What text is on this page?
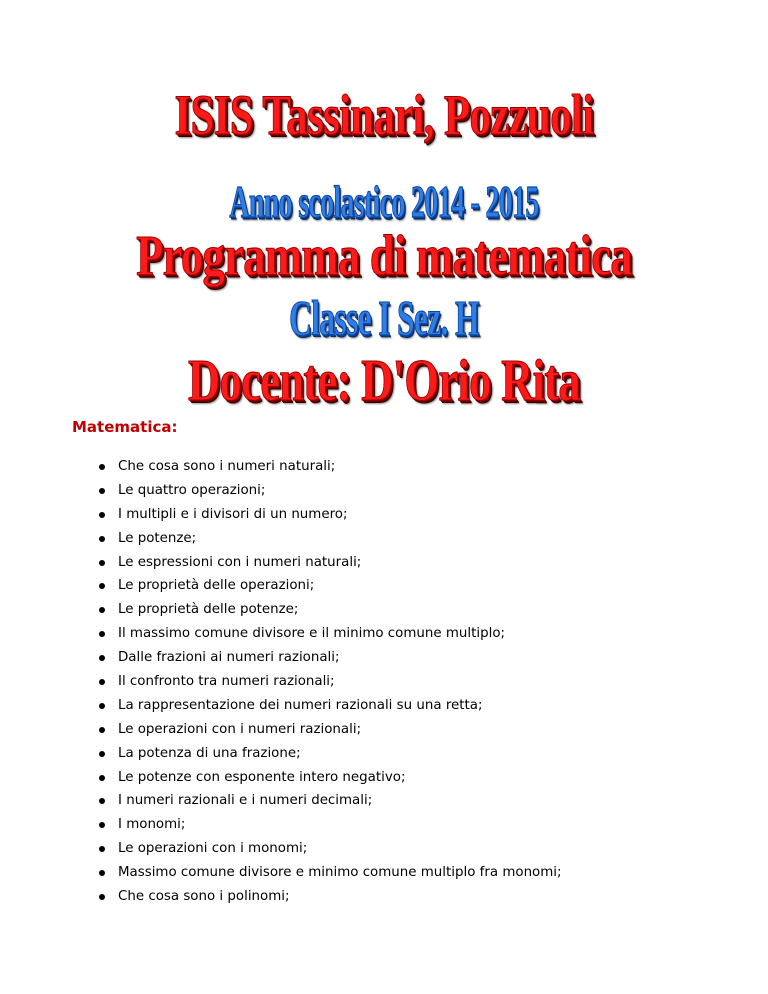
ISIS Tassinari, Pozzuoli
Anno scolastico 2014 - 2015
Programma di matematica
Classe I Sez. H
Docente: D'Orio Rita
Matematica:
Che cosa sono i numeri naturali;
Le quattro operazioni;
I multipli e i divisori di un numero;
Le potenze;
Le espressioni con i numeri naturali;
Le proprietà delle operazioni;
Le proprietà delle potenze;
Il massimo comune divisore e il minimo comune multiplo;
Dalle frazioni ai numeri razionali;
Il confronto tra numeri razionali;
La rappresentazione dei numeri razionali su una retta;
Le operazioni con i numeri razionali;
La potenza di una frazione;
Le potenze con esponente intero negativo;
I numeri razionali e i numeri decimali;
I monomi;
Le operazioni con i monomi;
Massimo comune divisore e minimo comune multiplo fra monomi;
Che cosa sono i polinomi;
